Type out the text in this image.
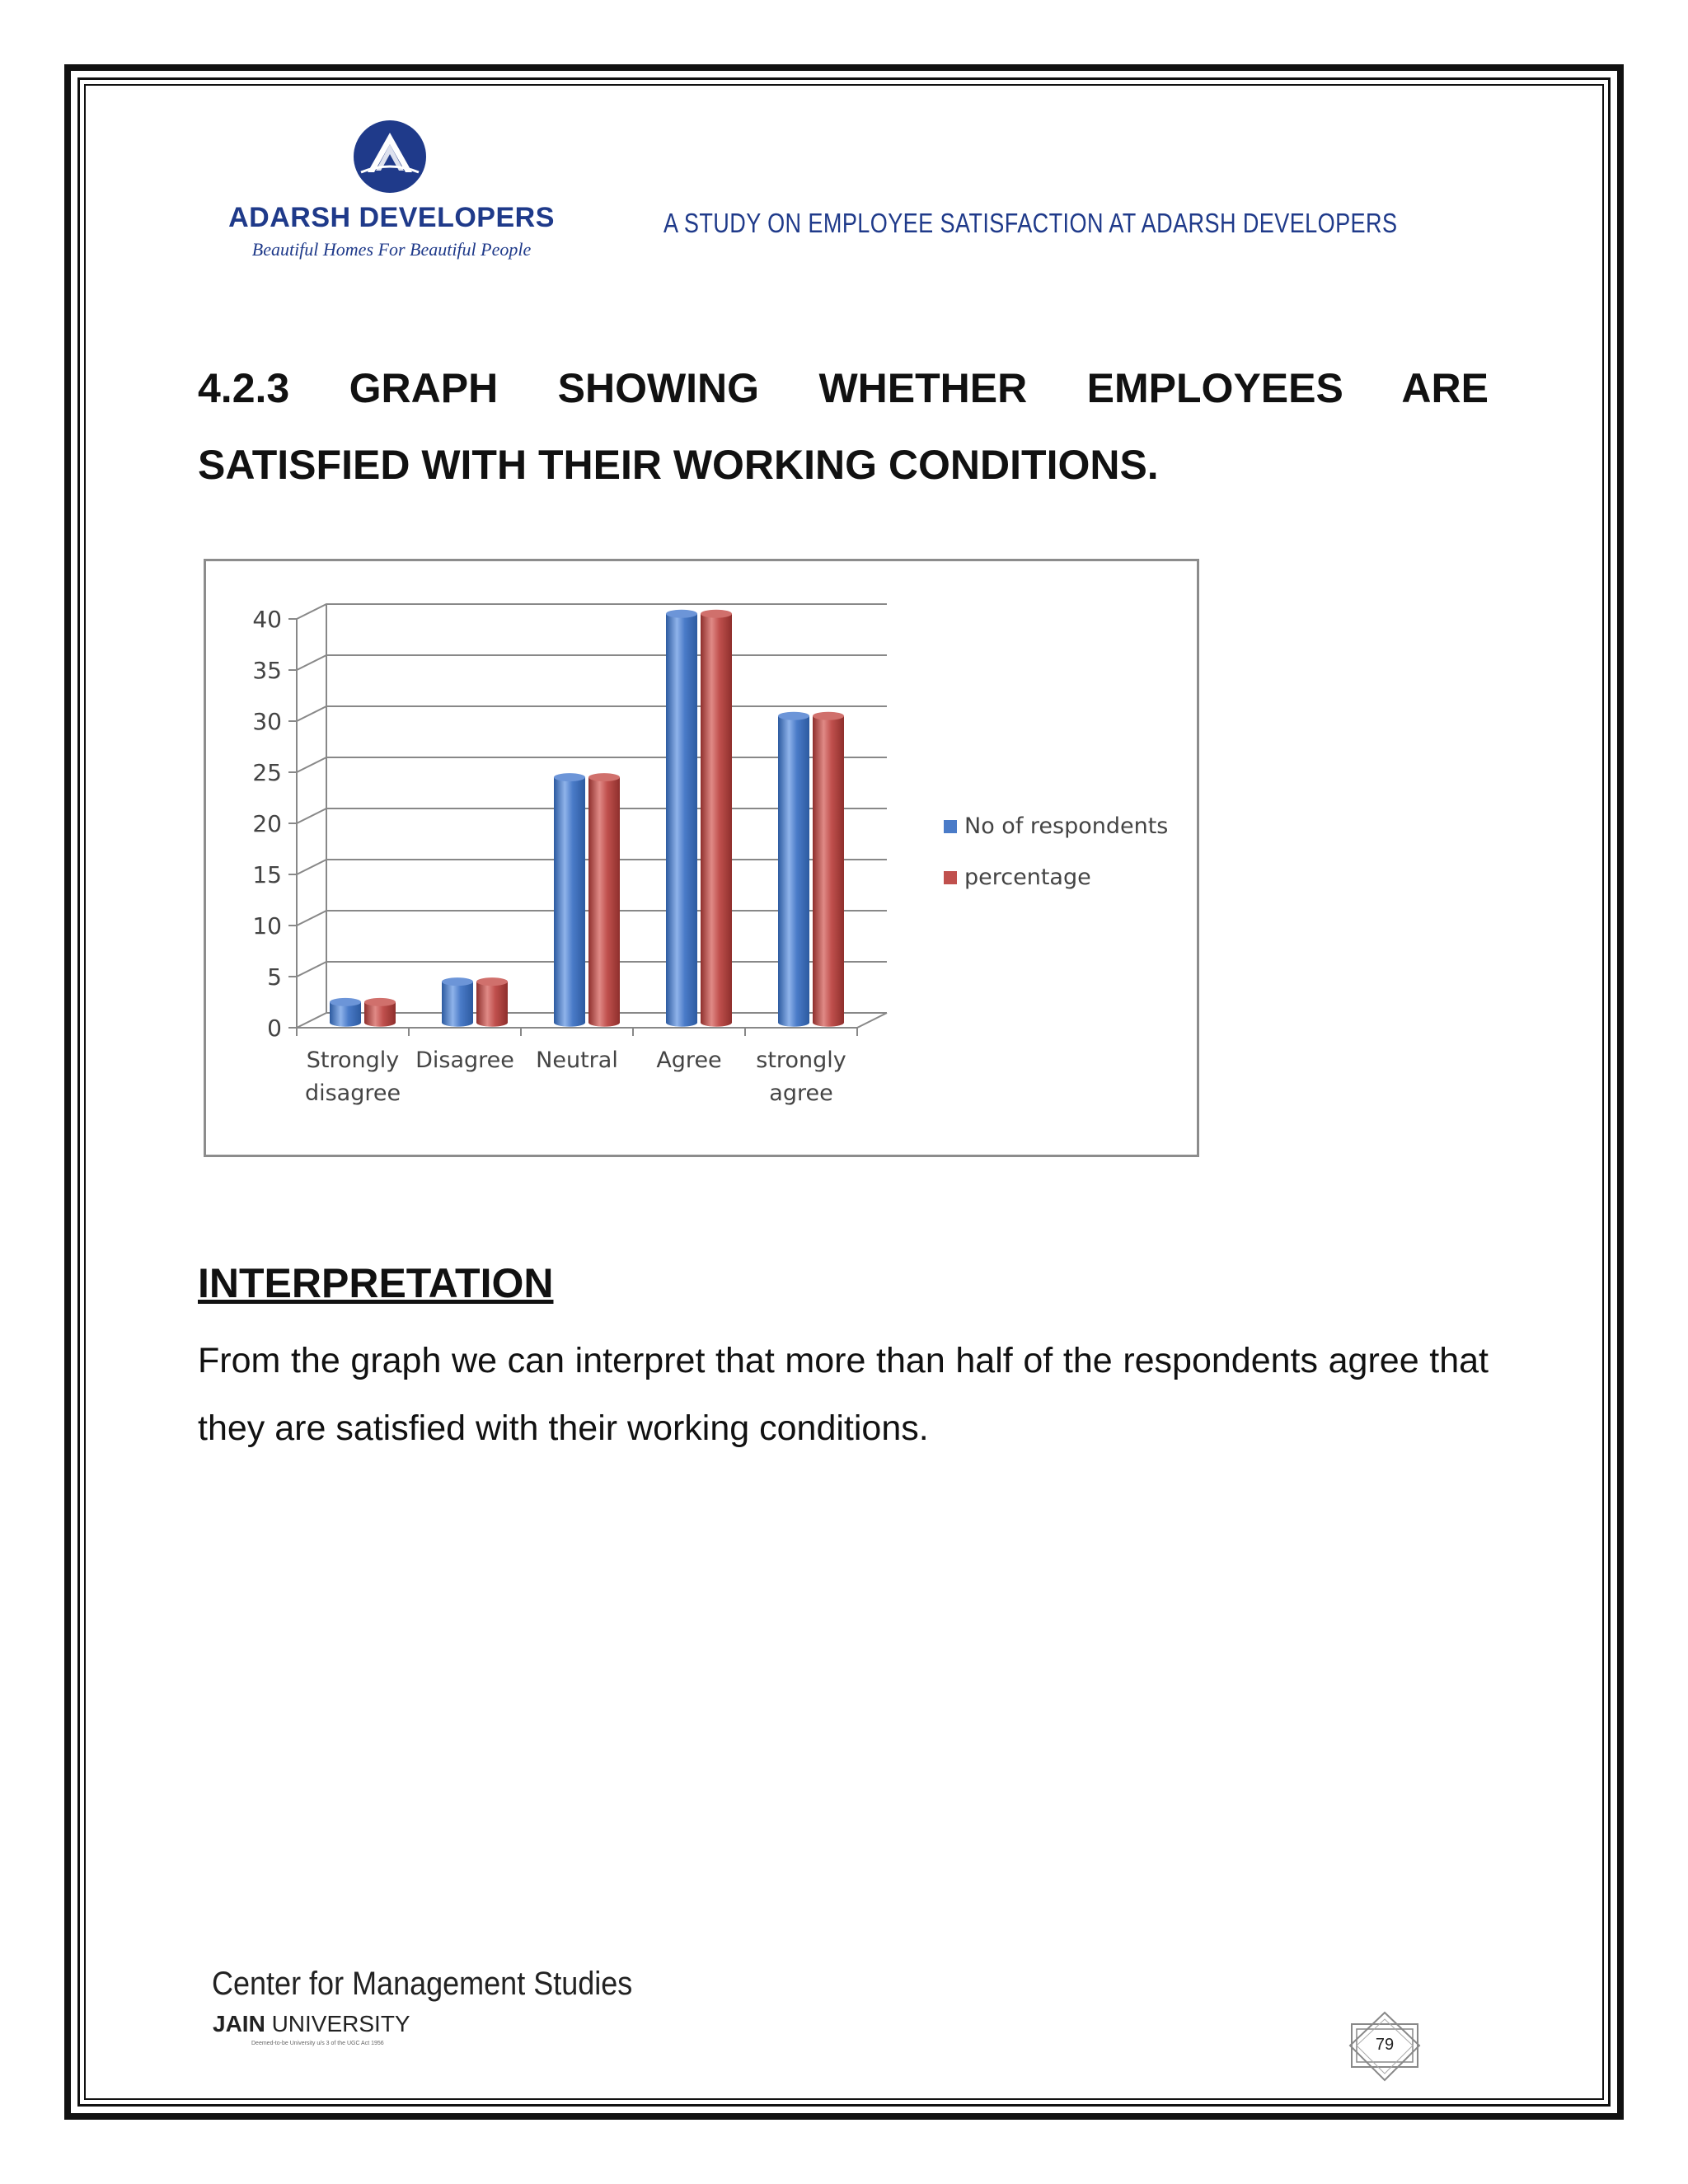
ADARSH DEVELOPERS
Beautiful Homes For Beautiful People
A STUDY ON EMPLOYEE SATISFACTION AT ADARSH DEVELOPERS
4.2.3 GRAPH SHOWING WHETHER EMPLOYEES ARE
SATISFIED WITH THEIR WORKING CONDITIONS.
0
5
10
15
20
25
30
35
40
Strongly disagree
Disagree Neutral Agree strongly agree
No of respondents
percentage
INTERPRETATION
From the graph we can interpret that more than half of the respondents agree that they are satisfied with their working conditions.
Center for Management Studies
JAIN UNIVERSITY
Deemed-to-be University u/s 3 of the UGC Act 1956	79
